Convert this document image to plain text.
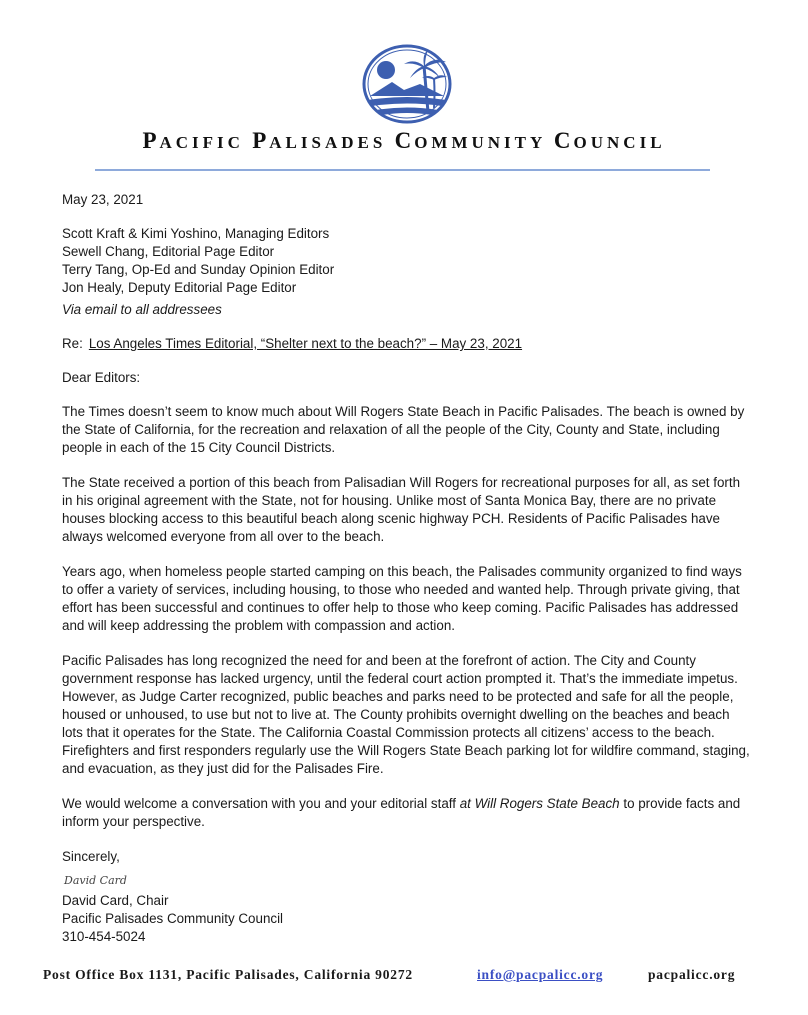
PACIFIC PALISADES COMMUNITY COUNCIL

May 23, 2021

Scott Kraft & Kimi Yoshino, Managing Editors

Sewell Chang, Editorial Page Editor

Terry Tang, Op-Ed and Sunday Opinion Editor

Jon Healy, Deputy Editorial Page Editor

Via email to all addressees

Re: Los Angeles Times Editorial, “Shelter next to the beach?” – May 23, 2021

Dear Editors:

The Times doesn’t seem to know much about Will Rogers State Beach in Pacific Palisades. The beach is owned by the State of California, for the recreation and relaxation of all the people of the City, County and State, including people in each of the 15 City Council Districts.

The State received a portion of this beach from Palisadian Will Rogers for recreational purposes for all, as set forth in his original agreement with the State, not for housing. Unlike most of Santa Monica Bay, there are no private houses blocking access to this beautiful beach along scenic highway PCH. Residents of Pacific Palisades have always welcomed everyone from all over to the beach.

Years ago, when homeless people started camping on this beach, the Palisades community organized to find ways to offer a variety of services, including housing, to those who needed and wanted help. Through private giving, that effort has been successful and continues to offer help to those who keep coming. Pacific Palisades has addressed and will keep addressing the problem with compassion and action.

Pacific Palisades has long recognized the need for and been at the forefront of action. The City and County government response has lacked urgency, until the federal court action prompted it. That’s the immediate impetus. However, as Judge Carter recognized, public beaches and parks need to be protected and safe for all the people, housed or unhoused, to use but not to live at. The County prohibits overnight dwelling on the beaches and beach lots that it operates for the State. The California Coastal Commission protects all citizens’ access to the beach. Firefighters and first responders regularly use the Will Rogers State Beach parking lot for wildfire command, staging, and evacuation, as they just did for the Palisades Fire.

We would welcome a conversation with you and your editorial staff at Will Rogers State Beach to provide facts and inform your perspective.

Sincerely,

David Card

David Card, Chair

Pacific Palisades Community Council

310-454-5024

Post Office Box 1131, Pacific Palisades, California 90272	info@pacpalicc.org	pacpalicc.org
